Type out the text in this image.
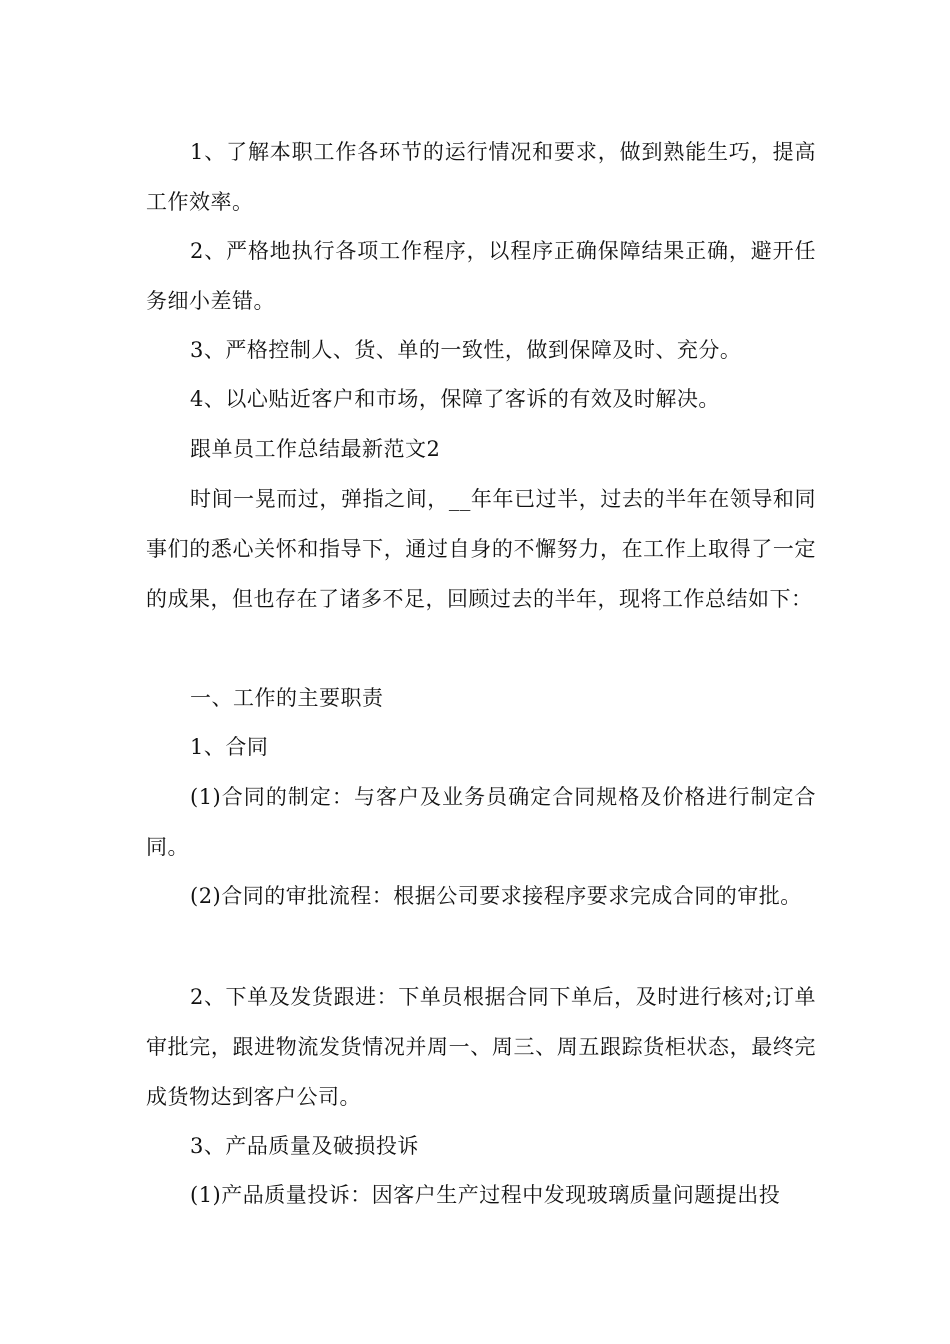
1、了解本职工作各环节的运行情况和要求，做到熟能生巧，提高工作效率。

2、严格地执行各项工作程序，以程序正确保障结果正确，避开任务细小差错。

3、严格控制人、货、单的一致性，做到保障及时、充分。

4、以心贴近客户和市场，保障了客诉的有效及时解决。

跟单员工作总结最新范文2

时间一晃而过，弹指之间，__年年已过半，过去的半年在领导和同事们的悉心关怀和指导下，通过自身的不懈努力，在工作上取得了一定的成果，但也存在了诸多不足，回顾过去的半年，现将工作总结如下：

一、工作的主要职责

1、合同

(1)合同的制定：与客户及业务员确定合同规格及价格进行制定合同。

(2)合同的审批流程：根据公司要求接程序要求完成合同的审批。

2、下单及发货跟进：下单员根据合同下单后，及时进行核对;订单审批完，跟进物流发货情况并周一、周三、周五跟踪货柜状态，最终完成货物达到客户公司。

3、产品质量及破损投诉

(1)产品质量投诉：因客户生产过程中发现玻璃质量问题提出投
